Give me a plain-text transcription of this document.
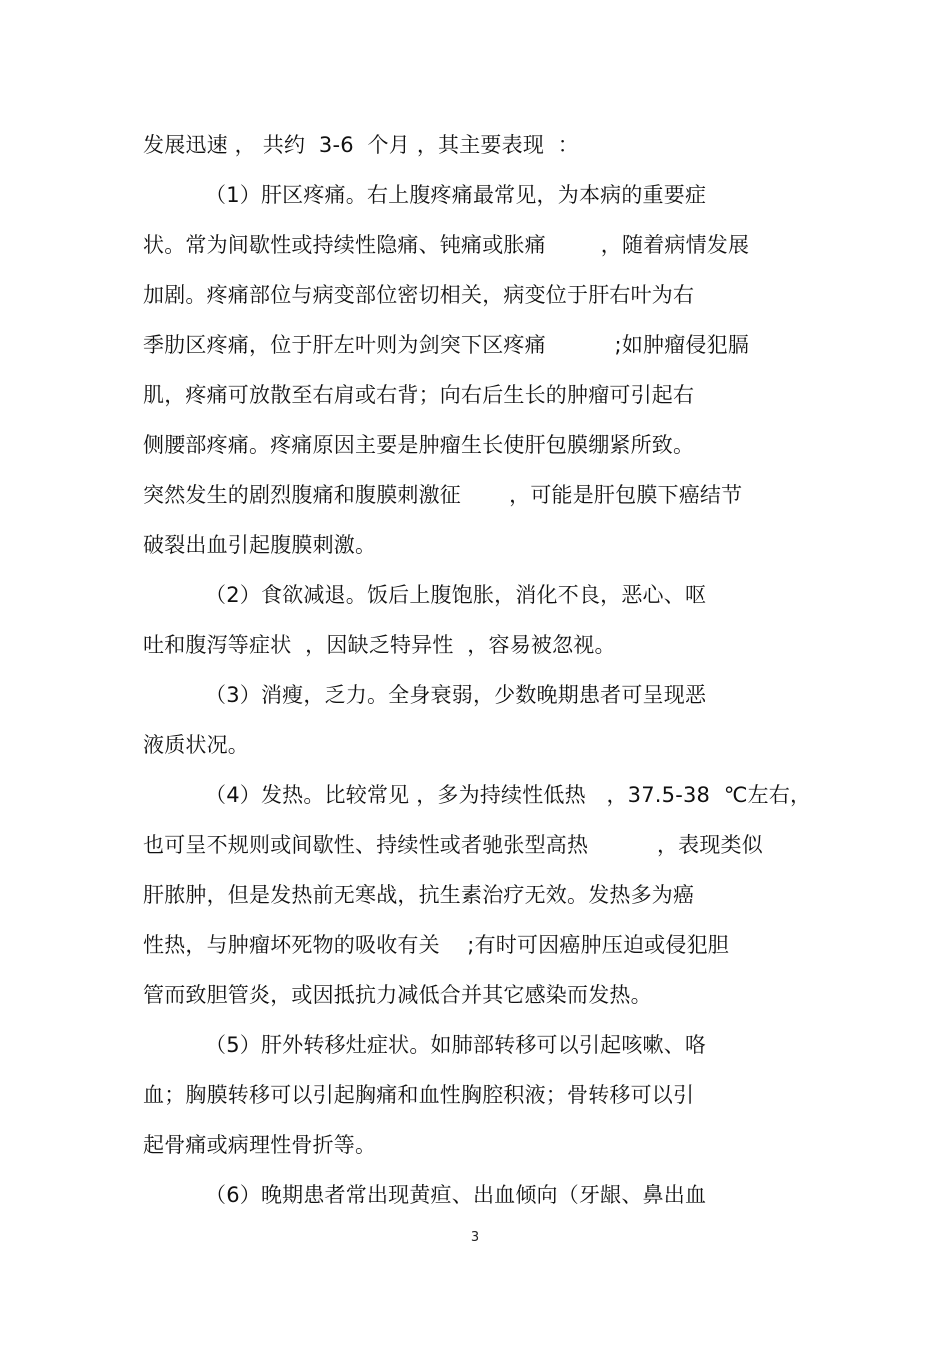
发展迅速 ， 共约  3-6  个月 ，其主要表现  ：
（1）肝区疼痛。右上腹疼痛最常见，为本病的重要症
状。常为间歇性或持续性隐痛、钝痛或胀痛        ，随着病情发展
加剧。疼痛部位与病变部位密切相关，病变位于肝右叶为右
季肋区疼痛，位于肝左叶则为剑突下区疼痛          ;如肿瘤侵犯膈
肌，疼痛可放散至右肩或右背；向右后生长的肿瘤可引起右
侧腰部疼痛。疼痛原因主要是肿瘤生长使肝包膜绷紧所致。
突然发生的剧烈腹痛和腹膜刺激征       ，可能是肝包膜下癌结节
破裂出血引起腹膜刺激。
（2）食欲减退。饭后上腹饱胀，消化不良，恶心、呕
吐和腹泻等症状  ，因缺乏特异性  ，容易被忽视。
（3）消瘦，乏力。全身衰弱，少数晚期患者可呈现恶
液质状况。
（4）发热。比较常见 ，多为持续性低热   ，37.5-38  ℃左右，
也可呈不规则或间歇性、持续性或者驰张型高热          ，表现类似
肝脓肿，但是发热前无寒战，抗生素治疗无效。发热多为癌
性热，与肿瘤坏死物的吸收有关    ;有时可因癌肿压迫或侵犯胆
管而致胆管炎，或因抵抗力减低合并其它感染而发热。
（5）肝外转移灶症状。如肺部转移可以引起咳嗽、咯
血；胸膜转移可以引起胸痛和血性胸腔积液；骨转移可以引
起骨痛或病理性骨折等。
（6）晚期患者常出现黄疸、出血倾向（牙龈、鼻出血
3
